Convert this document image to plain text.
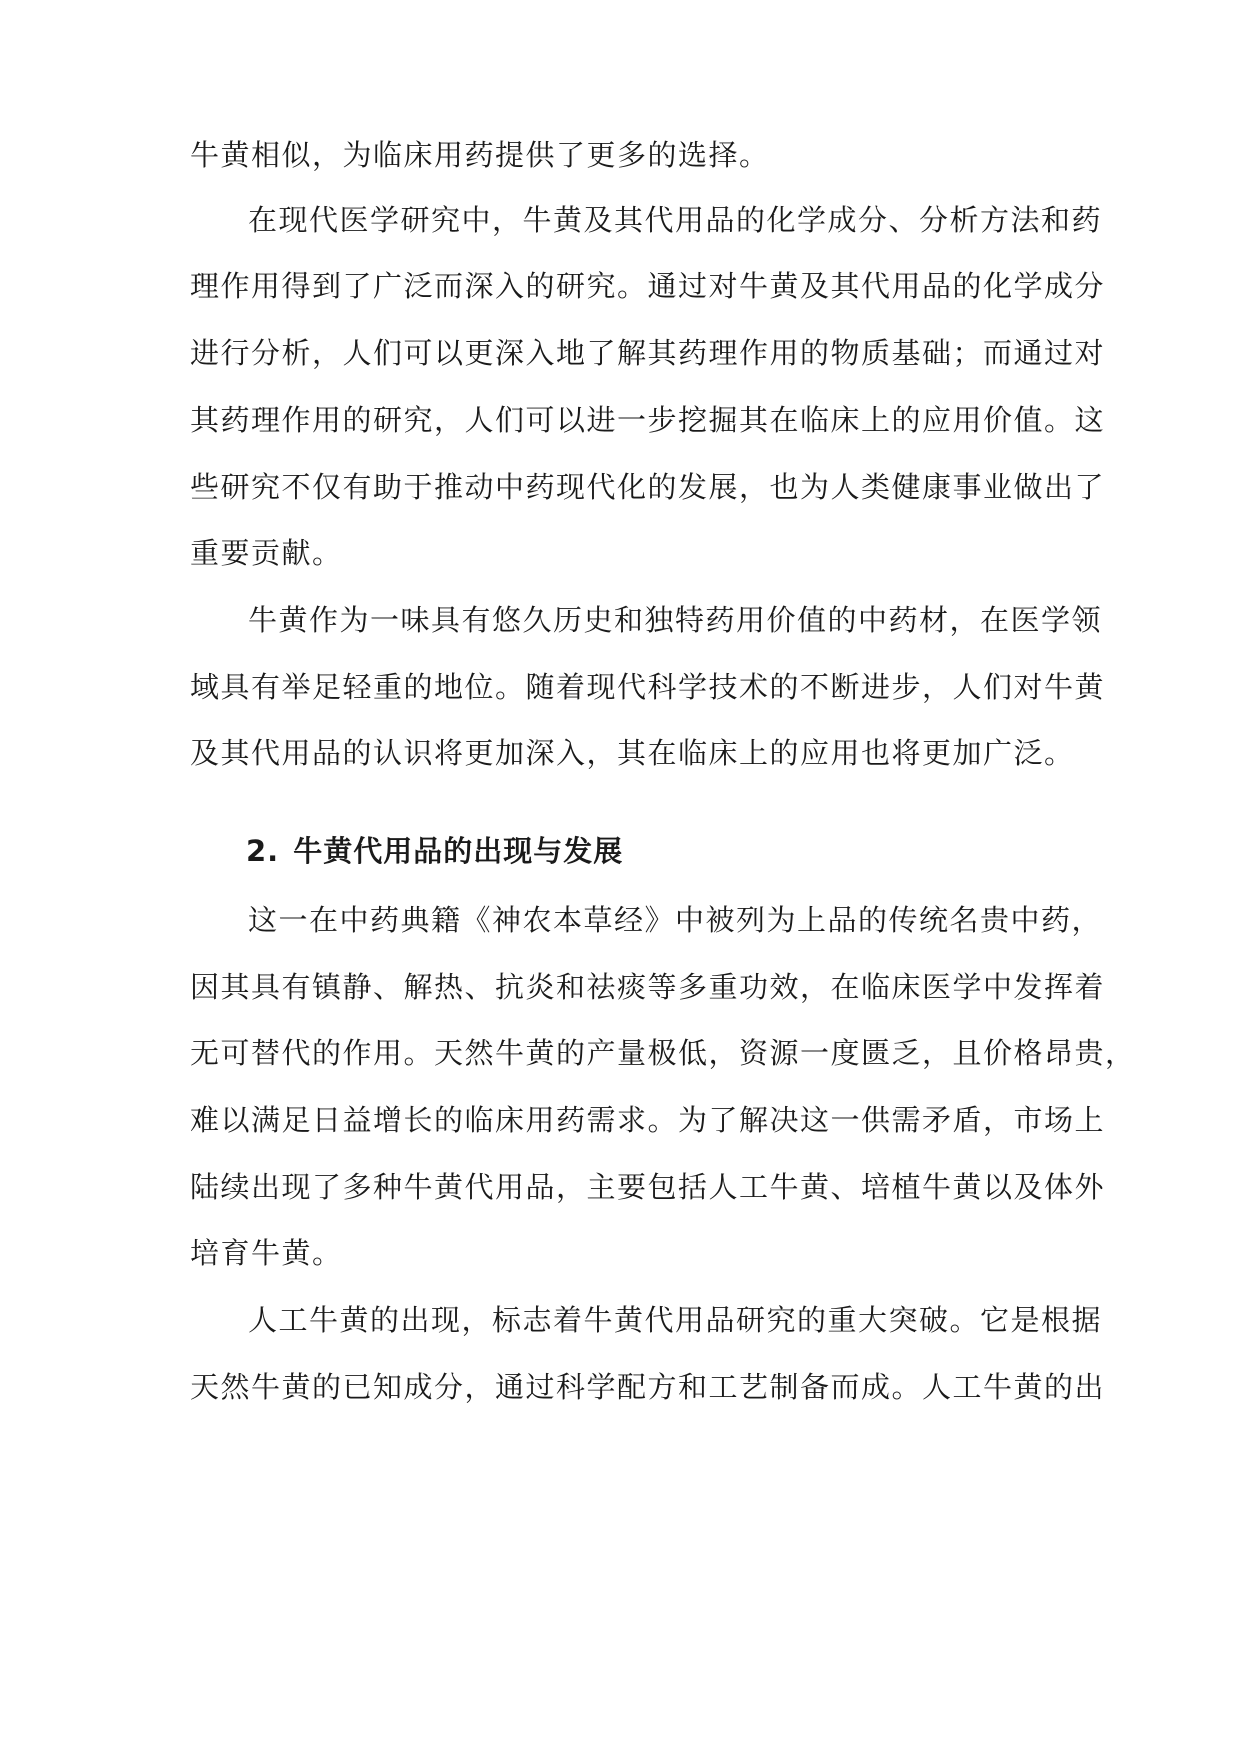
牛黄相似，为临床用药提供了更多的选择。
在现代医学研究中，牛黄及其代用品的化学成分、分析方法和药
理作用得到了广泛而深入的研究。通过对牛黄及其代用品的化学成分
进行分析，人们可以更深入地了解其药理作用的物质基础；而通过对
其药理作用的研究，人们可以进一步挖掘其在临床上的应用价值。这
些研究不仅有助于推动中药现代化的发展，也为人类健康事业做出了
重要贡献。
牛黄作为一味具有悠久历史和独特药用价值的中药材，在医学领
域具有举足轻重的地位。随着现代科学技术的不断进步，人们对牛黄
及其代用品的认识将更加深入，其在临床上的应用也将更加广泛。
2. 牛黄代用品的出现与发展
这一在中药典籍《神农本草经》中被列为上品的传统名贵中药，
因其具有镇静、解热、抗炎和祛痰等多重功效，在临床医学中发挥着
无可替代的作用。天然牛黄的产量极低，资源一度匮乏，且价格昂贵，
难以满足日益增长的临床用药需求。为了解决这一供需矛盾，市场上
陆续出现了多种牛黄代用品，主要包括人工牛黄、培植牛黄以及体外
培育牛黄。
人工牛黄的出现，标志着牛黄代用品研究的重大突破。它是根据
天然牛黄的已知成分，通过科学配方和工艺制备而成。人工牛黄的出
